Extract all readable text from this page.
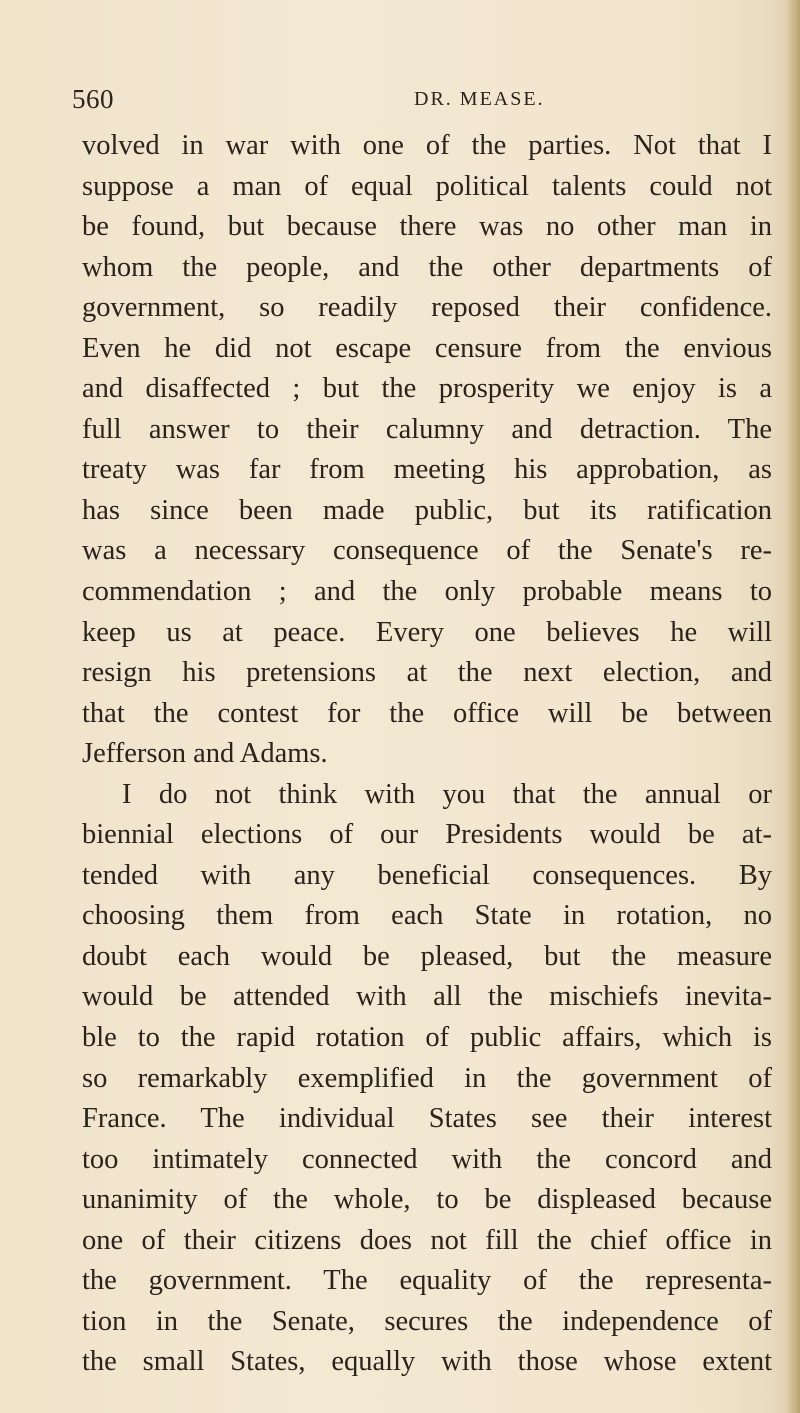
560	DR. MEASE.
volved in war with one of the parties. Not that I
suppose a man of equal political talents could not
be found, but because there was no other man in
whom the people, and the other departments of
government, so readily reposed their confidence.
Even he did not escape censure from the envious
and disaffected ; but the prosperity we enjoy is a
full answer to their calumny and detraction. The
treaty was far from meeting his approbation, as
has since been made public, but its ratification
was a necessary consequence of the Senate's re-
commendation ; and the only probable means to
keep us at peace. Every one believes he will
resign his pretensions at the next election, and
that the contest for the office will be between
Jefferson and Adams.
I do not think with you that the annual or
biennial elections of our Presidents would be at-
tended with any beneficial consequences. By
choosing them from each State in rotation, no
doubt each would be pleased, but the measure
would be attended with all the mischiefs inevita-
ble to the rapid rotation of public affairs, which is
so remarkably exemplified in the government of
France. The individual States see their interest
too intimately connected with the concord and
unanimity of the whole, to be displeased because
one of their citizens does not fill the chief office in
the government. The equality of the representa-
tion in the Senate, secures the independence of
the small States, equally with those whose extent
